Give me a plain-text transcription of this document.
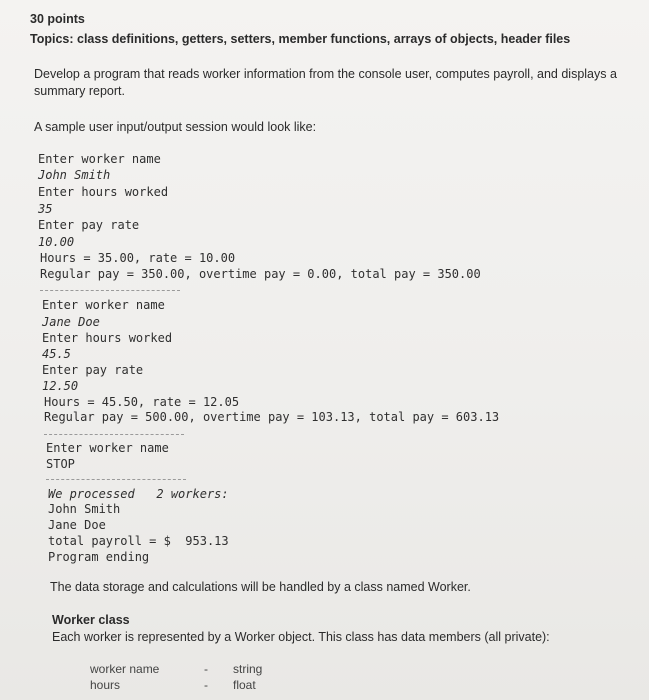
30 points
Topics: class definitions, getters, setters, member functions, arrays of objects, header files
Develop a program that reads worker information from the console user, computes payroll, and displays a
summary report.
A sample user input/output session would look like:
Enter worker name
John Smith
Enter hours worked
35
Enter pay rate
10.00
Hours = 35.00, rate = 10.00
Regular pay = 350.00, overtime pay = 0.00, total pay = 350.00
Enter worker name
Jane Doe
Enter hours worked
45.5
Enter pay rate
12.50
Hours = 45.50, rate = 12.05
Regular pay = 500.00, overtime pay = 103.13, total pay = 603.13
Enter worker name
STOP
We processed   2 workers:
John Smith
Jane Doe
total payroll = $  953.13
Program ending
The data storage and calculations will be handled by a class named Worker.
Worker class
Each worker is represented by a Worker object. This class has data members (all private):
worker name	- string
hours	- float
